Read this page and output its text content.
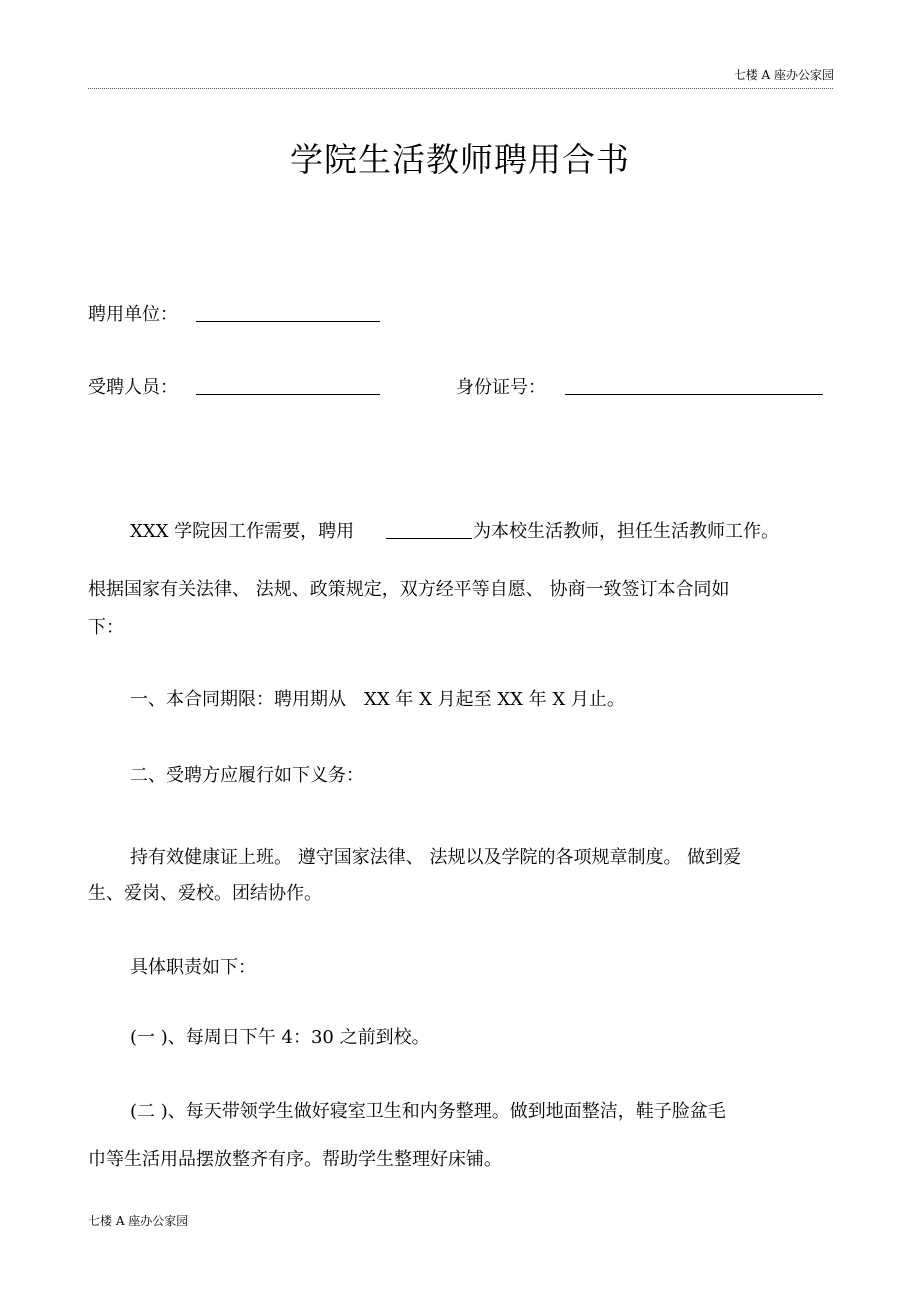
七楼 A 座办公家园
学院生活教师聘用合书
聘用单位：
受聘人员：	身份证号：
XXX 学院因工作需要，聘用	为本校生活教师，担任生活教师工作。
根据国家有关法律、 法规、政策规定，双方经平等自愿、 协商一致签订本合同如
下：
一、本合同期限：聘用期从　XX 年 X 月起至 XX 年 X 月止。
二、受聘方应履行如下义务：
持有效健康证上班。 遵守国家法律、 法规以及学院的各项规章制度。 做到爱
生、爱岗、爱校。团结协作。
具体职责如下：
(一 )、每周日下午 4：30 之前到校。
(二 )、每天带领学生做好寝室卫生和内务整理。做到地面整洁，鞋子脸盆毛
巾等生活用品摆放整齐有序。帮助学生整理好床铺。
七楼 A 座办公家园
